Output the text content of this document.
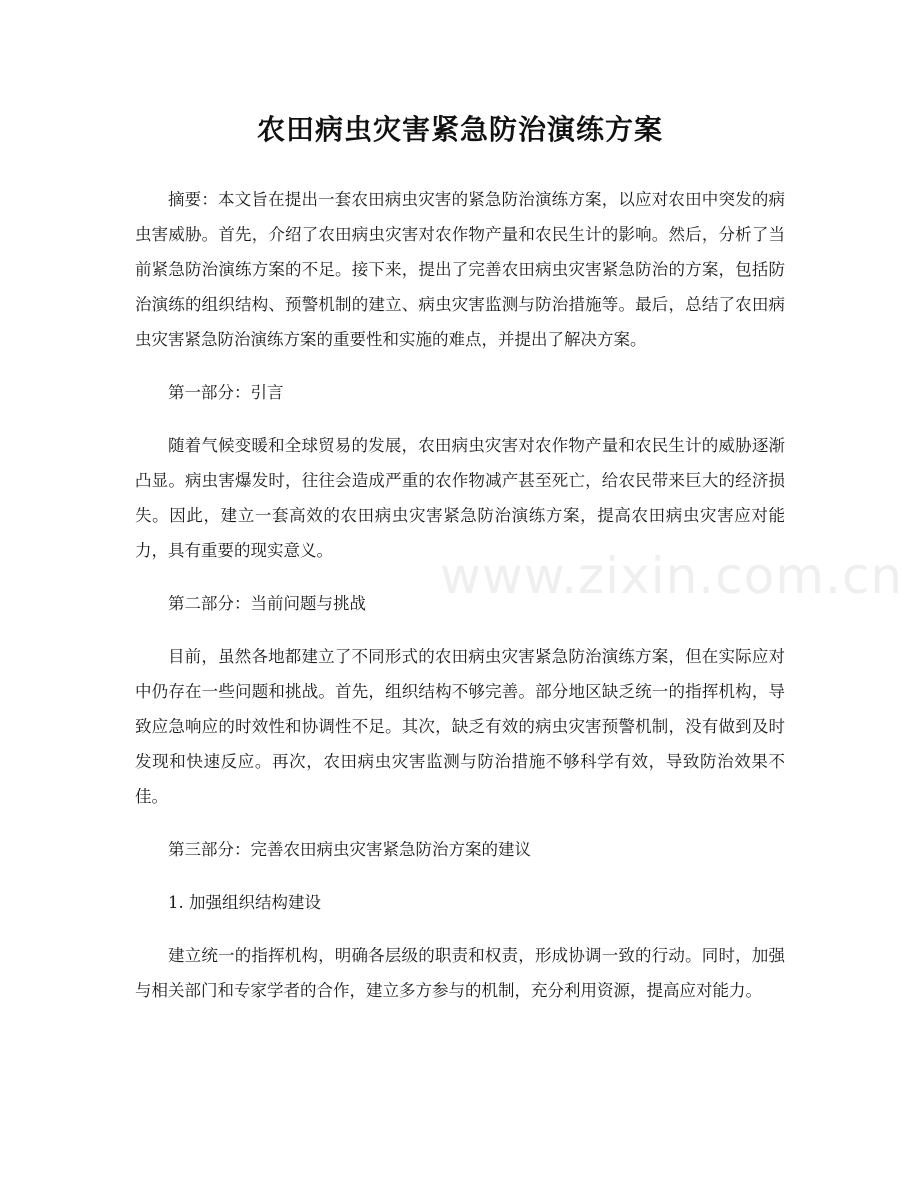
农田病虫灾害紧急防治演练方案

摘要：本文旨在提出一套农田病虫灾害的紧急防治演练方案，以应对农田中突发的病虫害威胁。首先，介绍了农田病虫灾害对农作物产量和农民生计的影响。然后，分析了当前紧急防治演练方案的不足。接下来，提出了完善农田病虫灾害紧急防治的方案，包括防治演练的组织结构、预警机制的建立、病虫灾害监测与防治措施等。最后，总结了农田病虫灾害紧急防治演练方案的重要性和实施的难点，并提出了解决方案。

第一部分：引言

随着气候变暖和全球贸易的发展，农田病虫灾害对农作物产量和农民生计的威胁逐渐凸显。病虫害爆发时，往往会造成严重的农作物减产甚至死亡，给农民带来巨大的经济损失。因此，建立一套高效的农田病虫灾害紧急防治演练方案，提高农田病虫灾害应对能力，具有重要的现实意义。

第二部分：当前问题与挑战

目前，虽然各地都建立了不同形式的农田病虫灾害紧急防治演练方案，但在实际应对中仍存在一些问题和挑战。首先，组织结构不够完善。部分地区缺乏统一的指挥机构，导致应急响应的时效性和协调性不足。其次，缺乏有效的病虫灾害预警机制，没有做到及时发现和快速反应。再次，农田病虫灾害监测与防治措施不够科学有效，导致防治效果不佳。

第三部分：完善农田病虫灾害紧急防治方案的建议

1. 加强组织结构建设

建立统一的指挥机构，明确各层级的职责和权责，形成协调一致的行动。同时，加强与相关部门和专家学者的合作，建立多方参与的机制，充分利用资源，提高应对能力。

www.zixin.com.cn
